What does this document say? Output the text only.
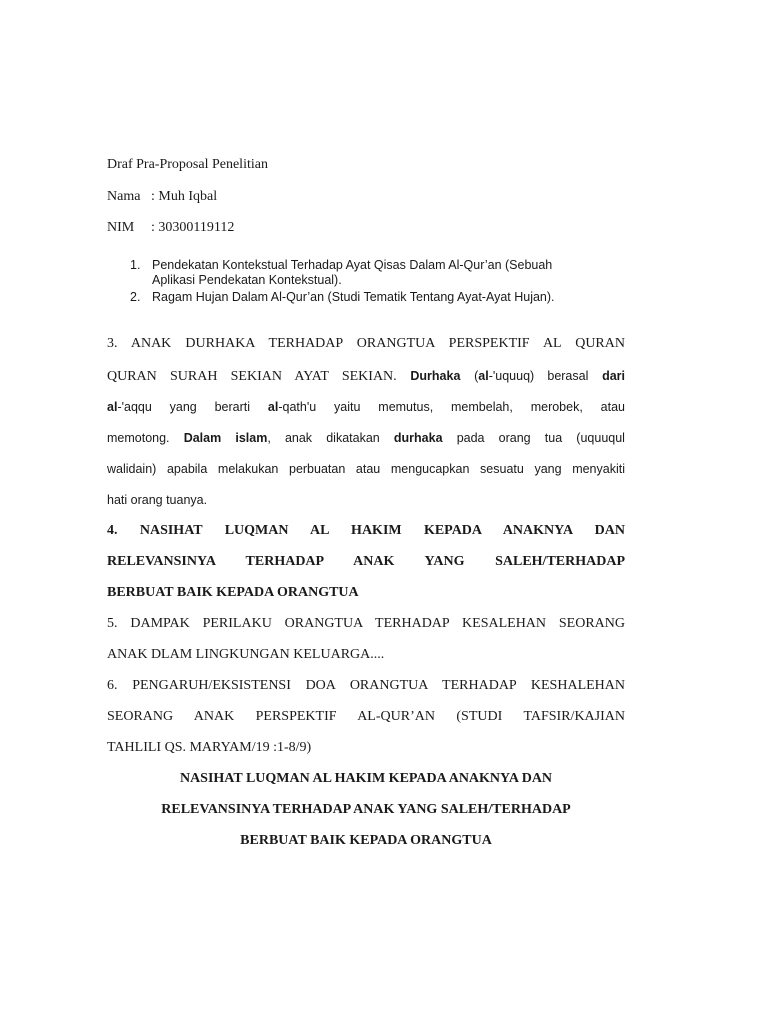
Draf Pra-Proposal Penelitian
Nama : Muh Iqbal
NIM : 30300119112
1. Pendekatan Kontekstual Terhadap Ayat Qisas Dalam Al-Qur’an (Sebuah
Aplikasi Pendekatan Kontekstual).
2. Ragam Hujan Dalam Al-Qur’an (Studi Tematik Tentang Ayat-Ayat Hujan).
3. ANAK DURHAKA TERHADAP ORANGTUA PERSPEKTIF AL QURAN
QURAN SURAH SEKIAN AYAT SEKIAN. Durhaka (al-'uquuq) berasal dari
al-'aqqu yang berarti al-qath'u yaitu memutus, membelah, merobek, atau
memotong. Dalam islam, anak dikatakan durhaka pada orang tua (uquuqul
walidain) apabila melakukan perbuatan atau mengucapkan sesuatu yang menyakiti
hati orang tuanya.
4. NASIHAT LUQMAN AL HAKIM KEPADA ANAKNYA DAN
RELEVANSINYA TERHADAP ANAK YANG SALEH/TERHADAP
BERBUAT BAIK KEPADA ORANGTUA
5. DAMPAK PERILAKU ORANGTUA TERHADAP KESALEHAN SEORANG
ANAK DLAM LINGKUNGAN KELUARGA....
6. PENGARUH/EKSISTENSI DOA ORANGTUA TERHADAP KESHALEHAN
SEORANG ANAK PERSPEKTIF AL-QUR’AN (STUDI TAFSIR/KAJIAN
TAHLILI QS. MARYAM/19 :1-8/9)
NASIHAT LUQMAN AL HAKIM KEPADA ANAKNYA DAN
RELEVANSINYA TERHADAP ANAK YANG SALEH/TERHADAP
BERBUAT BAIK KEPADA ORANGTUA
